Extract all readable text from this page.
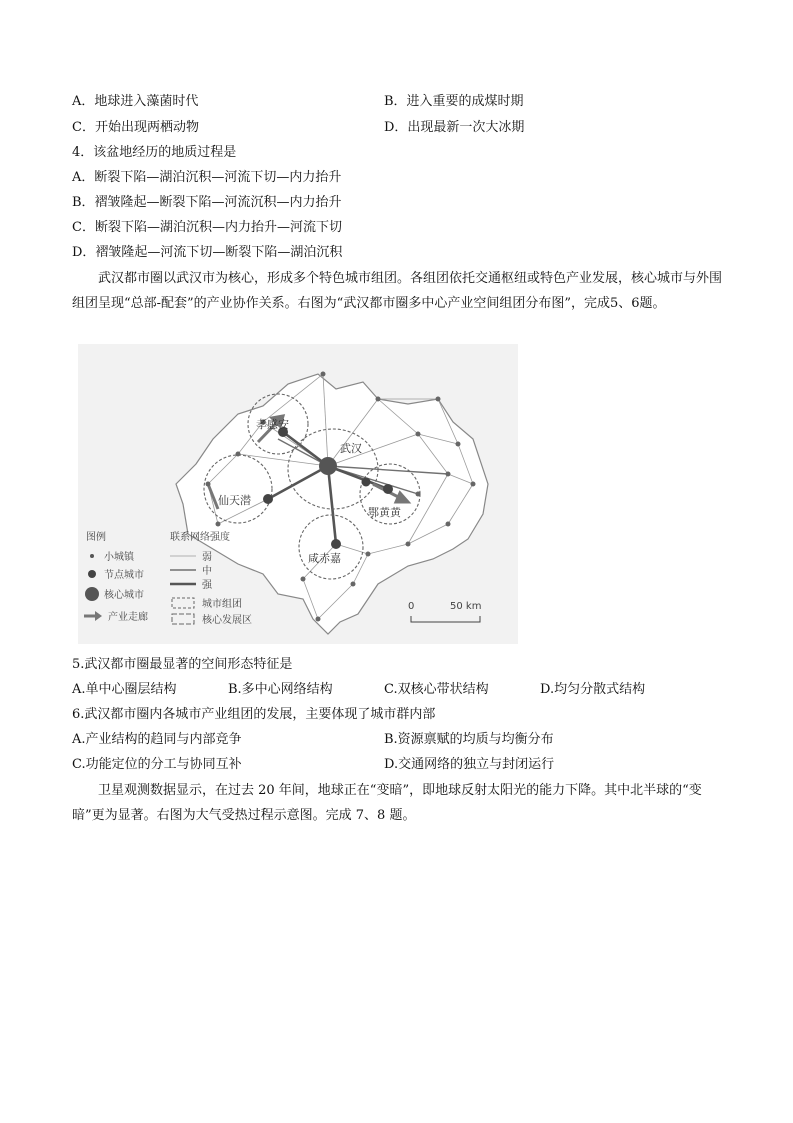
A．地球进入藻菌时代	B．进入重要的成煤时期
C．开始出现两栖动物	D．出现最新一次大冰期
4．该盆地经历的地质过程是
A．断裂下陷—湖泊沉积—河流下切—内力抬升
B．褶皱隆起—断裂下陷—河流沉积—内力抬升
C．断裂下陷—湖泊沉积—内力抬升—河流下切
D．褶皱隆起—河流下切—断裂下陷—湖泊沉积
武汉都市圈以武汉市为核心，形成多个特色城市组团。各组团依托交通枢纽或特色产业发展，核心城市与外围组团呈现“总部-配套”的产业协作关系。右图为“武汉都市圈多中心产业空间组团分布图”，完成5、6题。
武汉
孝感安
仙天潜
鄂黄黄
咸赤嘉
图例
小城镇
节点城市
核心城市
产业走廊
联系网络强度
弱
中
强
城市组团
核心发展区
0	50 km
5.武汉都市圈最显著的空间形态特征是
A.单中心圈层结构	B.多中心网络结构	C.双核心带状结构	D.均匀分散式结构
6.武汉都市圈内各城市产业组团的发展，主要体现了城市群内部
A.产业结构的趋同与内部竞争	B.资源禀赋的均质与均衡分布
C.功能定位的分工与协同互补	D.交通网络的独立与封闭运行
卫星观测数据显示，在过去 20 年间，地球正在“变暗”，即地球反射太阳光的能力下降。其中北半球的“变暗”更为显著。右图为大气受热过程示意图。完成 7、8 题。
